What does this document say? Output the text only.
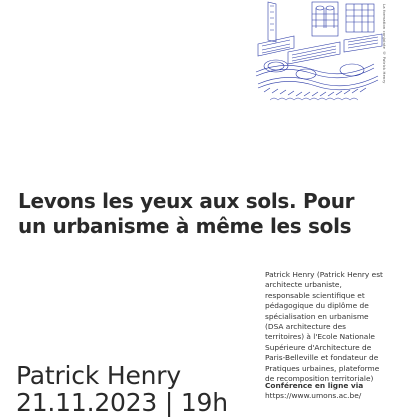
La formation conjointe © Patrick Henry
Levons les yeux aux sols. Pour
un urbanisme à même les sols
Patrick Henry (Patrick Henry est architecte urbaniste, responsable scientifique et pédagogique du diplôme de spécialisation en urbanisme (DSA architecture des territoires) à l'Ecole Nationale Supérieure d'Architecture de Paris-Belleville et fondateur de Pratiques urbaines, plateforme de recomposition territoriale)
Conférence en ligne via
https://www.umons.ac.be/
Patrick Henry
21.11.2023 | 19h
